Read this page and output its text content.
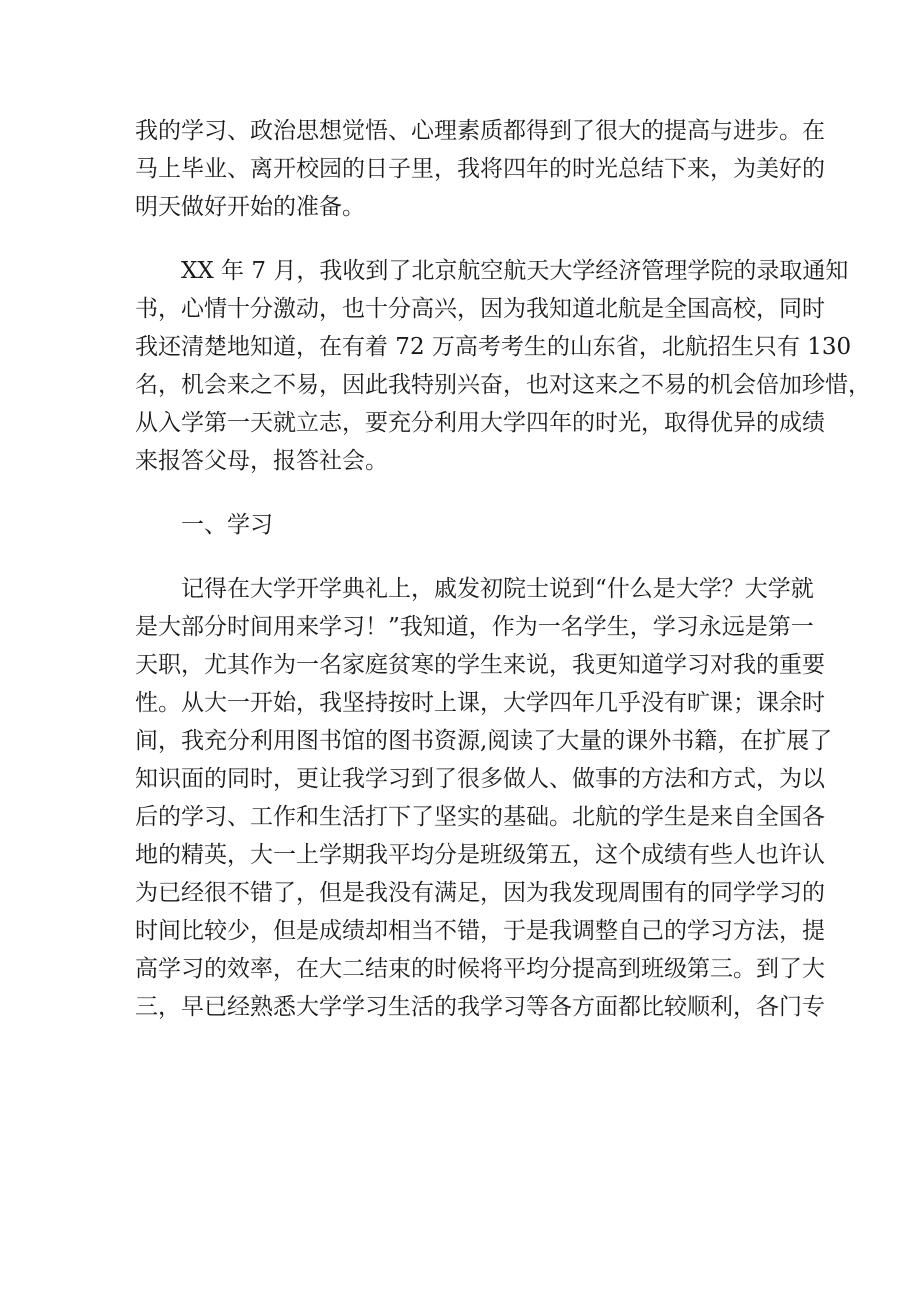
我的学习、政治思想觉悟、心理素质都得到了很大的提高与进步。在
马上毕业、离开校园的日子里，我将四年的时光总结下来，为美好的
明天做好开始的准备。
XX 年 7 月，我收到了北京航空航天大学经济管理学院的录取通知
书，心情十分激动，也十分高兴，因为我知道北航是全国高校，同时
我还清楚地知道，在有着 72 万高考考生的山东省，北航招生只有 130
名，机会来之不易，因此我特别兴奋，也对这来之不易的机会倍加珍惜，
从入学第一天就立志，要充分利用大学四年的时光，取得优异的成绩
来报答父母，报答社会。
一、学习
记得在大学开学典礼上，戚发初院士说到“什么是大学？大学就
是大部分时间用来学习！”我知道，作为一名学生，学习永远是第一
天职，尤其作为一名家庭贫寒的学生来说，我更知道学习对我的重要
性。从大一开始，我坚持按时上课，大学四年几乎没有旷课；课余时
间，我充分利用图书馆的图书资源,阅读了大量的课外书籍，在扩展了
知识面的同时，更让我学习到了很多做人、做事的方法和方式，为以
后的学习、工作和生活打下了坚实的基础。北航的学生是来自全国各
地的精英，大一上学期我平均分是班级第五，这个成绩有些人也许认
为已经很不错了，但是我没有满足，因为我发现周围有的同学学习的
时间比较少，但是成绩却相当不错，于是我调整自己的学习方法，提
高学习的效率，在大二结束的时候将平均分提高到班级第三。到了大
三，早已经熟悉大学学习生活的我学习等各方面都比较顺利，各门专
